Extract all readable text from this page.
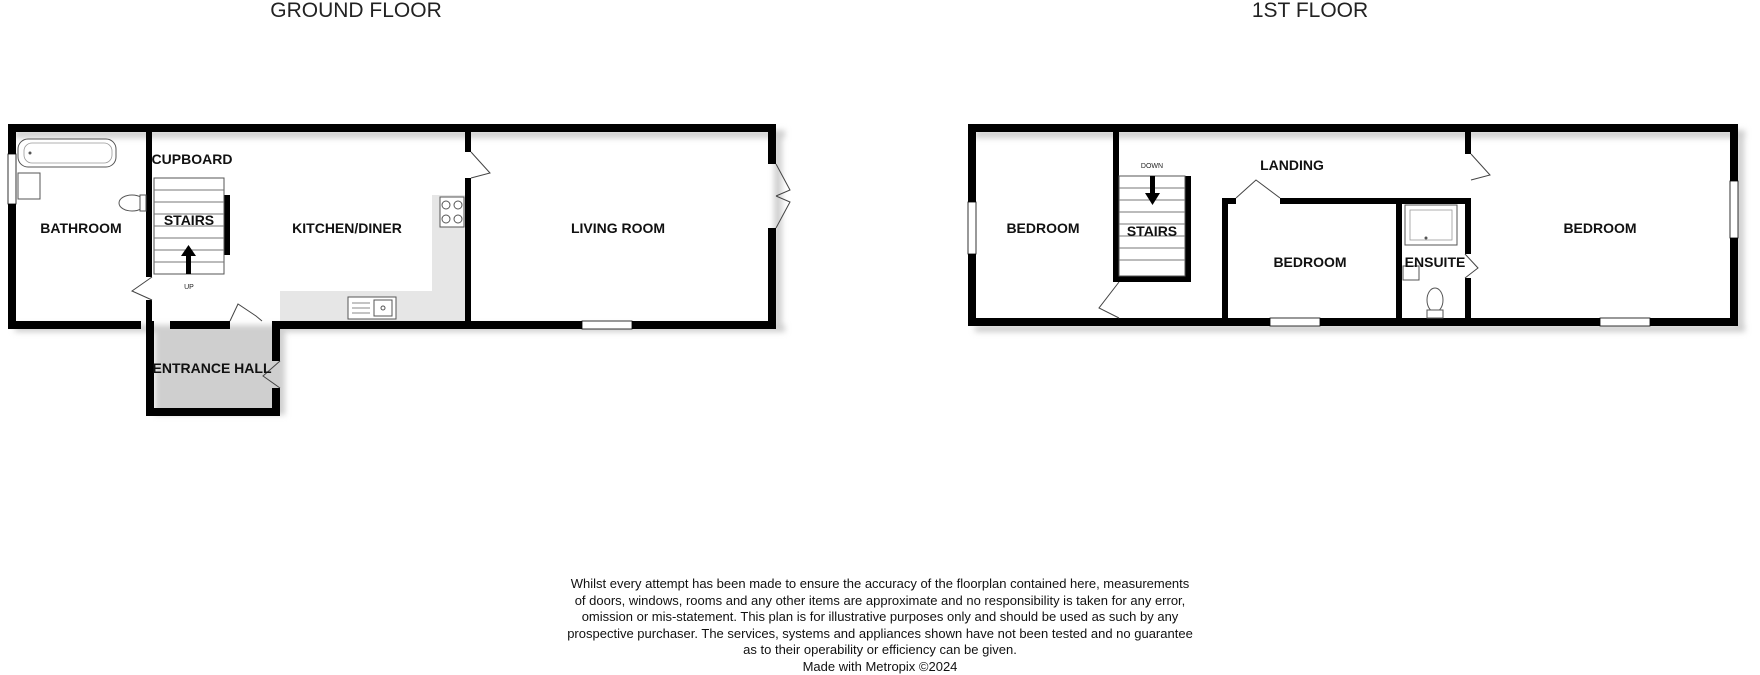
GROUND FLOOR	1ST FLOOR
BATHROOM
CUPBOARD
STAIRS
UP
KITCHEN/DINER	LIVING ROOM
ENTRANCE HALL
BEDROOM
DOWN
STAIRS
LANDING
BEDROOM	ENSUITE
BEDROOM
Whilst every attempt has been made to ensure the accuracy of the floorplan contained here, measurements
of doors, windows, rooms and any other items are approximate and no responsibility is taken for any error,
omission or mis-statement. This plan is for illustrative purposes only and should be used as such by any
prospective purchaser. The services, systems and appliances shown have not been tested and no guarantee
as to their operability or efficiency can be given.
Made with Metropix ©2024
